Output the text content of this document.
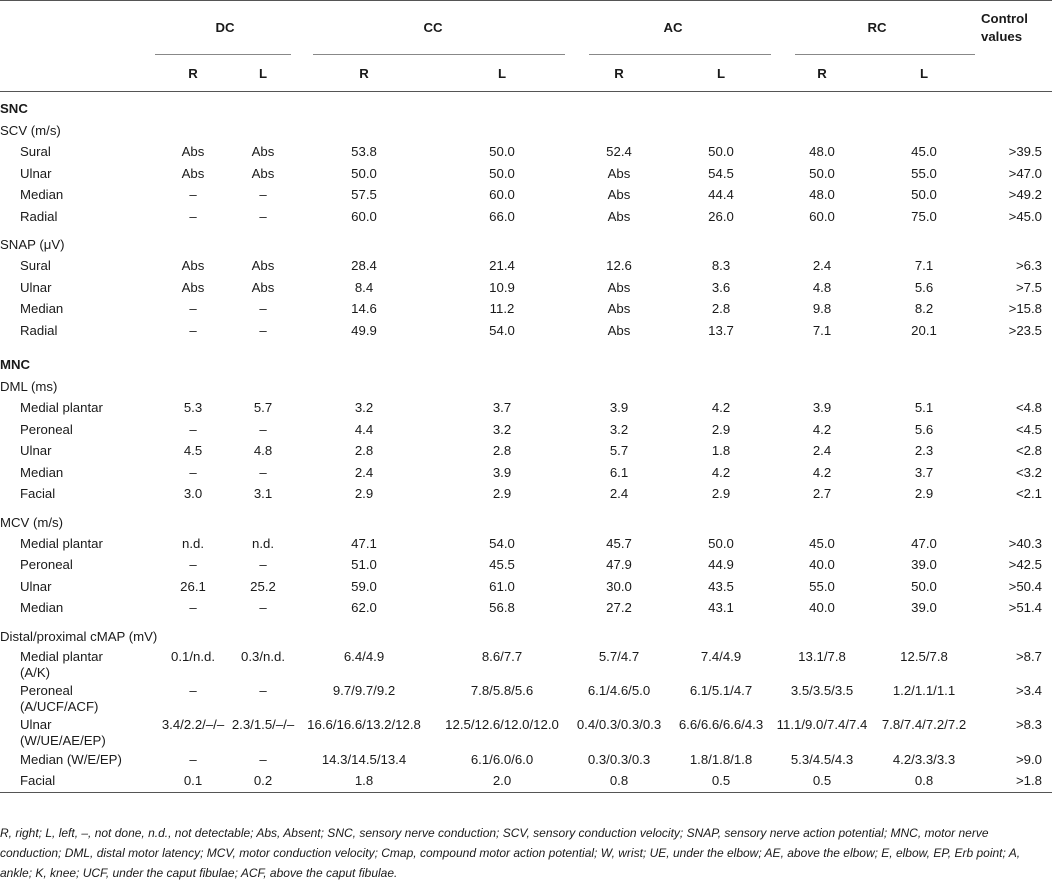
	DC		CC		AC		RC		Control values
	R	L	R	L	R	L	R	L	
SNC									
SCV (m/s)									
Sural	Abs	Abs	53.8	50.0	52.4	50.0	48.0	45.0	>39.5
Ulnar	Abs	Abs	50.0	50.0	Abs	54.5	50.0	55.0	>47.0
Median	–	–	57.5	60.0	Abs	44.4	48.0	50.0	>49.2
Radial	–	–	60.0	66.0	Abs	26.0	60.0	75.0	>45.0

SNAP (μV)									
Sural	Abs	Abs	28.4	21.4	12.6	8.3	2.4	7.1	>6.3
Ulnar	Abs	Abs	8.4	10.9	Abs	3.6	4.8	5.6	>7.5
Median	–	–	14.6	11.2	Abs	2.8	9.8	8.2	>15.8
Radial	–	–	49.9	54.0	Abs	13.7	7.1	20.1	>23.5

MNC									
DML (ms)									
Medial plantar	5.3	5.7	3.2	3.7	3.9	4.2	3.9	5.1	<4.8
Peroneal	–	–	4.4	3.2	3.2	2.9	4.2	5.6	<4.5
Ulnar	4.5	4.8	2.8	2.8	5.7	1.8	2.4	2.3	<2.8
Median	–	–	2.4	3.9	6.1	4.2	4.2	3.7	<3.2
Facial	3.0	3.1	2.9	2.9	2.4	2.9	2.7	2.9	<2.1

MCV (m/s)									
Medial plantar	n.d.	n.d.	47.1	54.0	45.7	50.0	45.0	47.0	>40.3
Peroneal	–	–	51.0	45.5	47.9	44.9	40.0	39.0	>42.5
Ulnar	26.1	25.2	59.0	61.0	30.0	43.5	55.0	50.0	>50.4
Median	–	–	62.0	56.8	27.2	43.1	40.0	39.0	>51.4

Distal/proximal cMAP (mV)									
Medial plantar
(A/K)	0.1/n.d.	0.3/n.d.	6.4/4.9	8.6/7.7	5.7/4.7	7.4/4.9	13.1/7.8	12.5/7.8	>8.7
Peroneal
(A/UCF/ACF)	–	–	9.7/9.7/9.2	7.8/5.8/5.6	6.1/4.6/5.0	6.1/5.1/4.7	3.5/3.5/3.5	1.2/1.1/1.1	>3.4
Ulnar
(W/UE/AE/EP)	3.4/2.2/–/–	2.3/1.5/–/–	16.6/16.6/13.2/12.8	12.5/12.6/12.0/12.0	0.4/0.3/0.3/0.3	6.6/6.6/6.6/4.3	11.1/9.0/7.4/7.4	7.8/7.4/7.2/7.2	>8.3
Median (W/E/EP)	–	–	14.3/14.5/13.4	6.1/6.0/6.0	0.3/0.3/0.3	1.8/1.8/1.8	5.3/4.5/4.3	4.2/3.3/3.3	>9.0
Facial	0.1	0.2	1.8	2.0	0.8	0.5	0.5	0.8	>1.8
R, right; L, left, –, not done, n.d., not detectable; Abs, Absent; SNC, sensory nerve conduction; SCV, sensory conduction velocity; SNAP, sensory nerve action potential; MNC, motor nerve conduction; DML, distal motor latency; MCV, motor conduction velocity; Cmap, compound motor action potential; W, wrist; UE, under the elbow; AE, above the elbow; E, elbow, EP, Erb point; A, ankle; K, knee; UCF, under the caput fibulae; ACF, above the caput fibulae.
